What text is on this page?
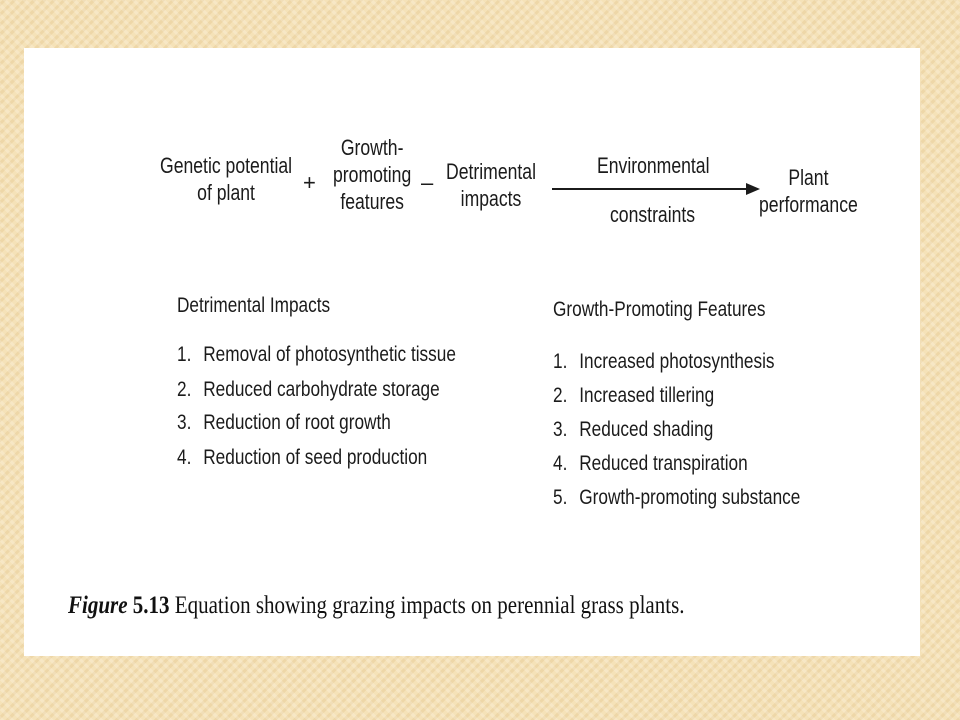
Genetic potential
of plant	+
Growth-
promoting
features
– Detrimental
impacts
Environmental
constraints
Plant
performance
Detrimental Impacts
1. Removal of photosynthetic tissue
2. Reduced carbohydrate storage
3. Reduction of root growth
4. Reduction of seed production
Growth-Promoting Features
1. Increased photosynthesis
2. Increased tillering
3. Reduced shading
4. Reduced transpiration
5. Growth-promoting substance
Figure 5.13 Equation showing grazing impacts on perennial grass plants.
